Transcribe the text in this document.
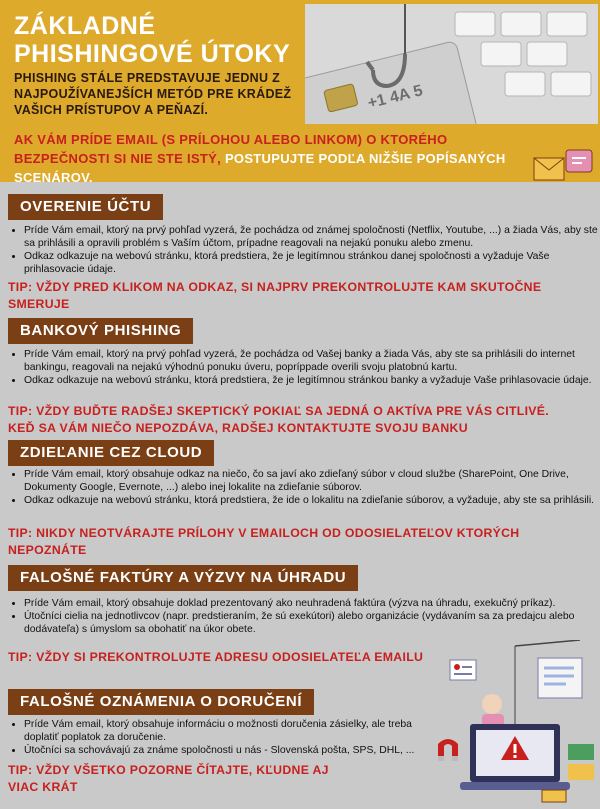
ZÁKLADNÉ PHISHINGOVÉ ÚTOKY

PHISHING STÁLE PREDSTAVUJE JEDNU Z NAJPOUŽÍVANEJŠÍCH METÓD PRE KRÁDEŽ VAŠICH PRÍSTUPOV A PEŇAZÍ.	+1 4A 5
AK VÁM PRÍDE EMAIL (S PRÍLOHOU ALEBO LINKOM) O KTORÉHO BEZPEČNOSTI SI NIE STE ISTÝ, POSTUPUJTE PODĽA NIŽŠIE POPÍSANÝCH SCENÁROV.
OVERENIE ÚČTU
• Príde Vám email, ktorý na prvý pohľad vyzerá, že pochádza od známej spoločnosti (Netflix, Youtube, ...) a žiada Vás, aby ste sa prihlásili a opravili problém s Vaším účtom, prípadne reagovali na nejakú ponuku alebo zmenu.
• Odkaz odkazuje na webovú stránku, ktorá predstiera, že je legitímnou stránkou danej spoločnosti a vyžaduje Vaše prihlasovacie údaje.
TIP: VŽDY PRED KLIKOM NA ODKAZ, SI NAJPRV PREKONTROLUJTE KAM SKUTOČNE SMERUJE
BANKOVÝ PHISHING
• Príde Vám email, ktorý na prvý pohľad vyzerá, že pochádza od Vašej banky a žiada Vás, aby ste sa prihlásili do internet bankingu, reagovali na nejakú výhodnú ponuku úveru, popríppade overili svoju platobnú kartu.
• Odkaz odkazuje na webovú stránku, ktorá predstiera, že je legitímnou stránkou banky a vyžaduje Vaše prihlasovacie údaje.
TIP: VŽDY BUĎTE RADŠEJ SKEPTICKÝ POKIAĽ SA JEDNÁ O AKTÍVA PRE VÁS CITLIVÉ. KEĎ SA VÁM NIEČO NEPOZDÁVA, RADŠEJ KONTAKTUJTE SVOJU BANKU
ZDIEĽANIE CEZ CLOUD
• Príde Vám email, ktorý obsahuje odkaz na niečo, čo sa javí ako zdieľaný súbor v cloud službe (SharePoint, One Drive, Dokumenty Google, Evernote, ...) alebo inej lokalite na zdieľanie súborov.
• Odkaz odkazuje na webovú stránku, ktorá predstiera, že ide o lokalitu na zdieľanie súborov, a vyžaduje, aby ste sa prihlásili.
TIP: NIKDY NEOTVÁRAJTE PRÍLOHY V EMAILOCH OD ODOSIELATEĽOV KTORÝCH NEPOZNÁTE
FALOŠNÉ FAKTÚRY A VÝZVY NA ÚHRADU
• Príde Vám email, ktorý obsahuje doklad prezentovaný ako neuhradená faktúra (výzva na úhradu, exekučný príkaz).
• Útočníci cielia na jednotlivcov (napr. predstieraním, že sú exekútori) alebo organizácie (vydávaním sa za predajcu alebo dodávateľa) s úmyslom sa obohatiť na úkor obete.
TIP: VŽDY SI PREKONTROLUJTE ADRESU ODOSIELATEĽA EMAILU
FALOŠNÉ OZNÁMENIA O DORUČENÍ
• Príde Vám email, ktorý obsahuje informáciu o možnosti doručenia zásielky, ale treba doplatiť poplatok za doručenie.
• Útočníci sa schovávajú za známe spoločnosti u nás - Slovenská pošta, SPS, DHL, ...
TIP: VŽDY VŠETKO POZORNE ČÍTAJTE, KĽUDNE AJ VIAC KRÁT
